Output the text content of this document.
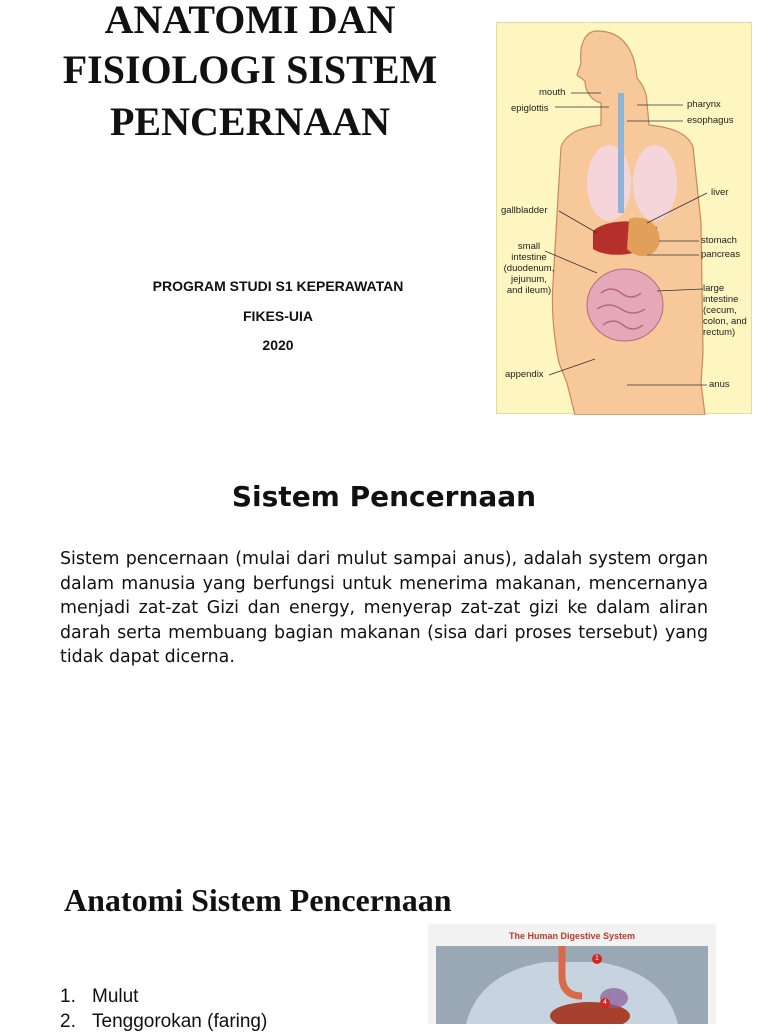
ANATOMI DAN
FISIOLOGI SISTEM
PENCERNAAN
PROGRAM STUDI S1 KEPERAWATAN
FIKES-UIA
2020
mouth
epiglottis
gallbladder
small
intestine
(duodenum,
jejunum,
and ileum)
appendix
pharynx
esophagus
liver
stomach
pancreas
large
intestine
(cecum,
colon, and
rectum)
anus
Sistem Pencernaan
Sistem pencernaan (mulai dari mulut sampai anus), adalah system organ dalam manusia yang berfungsi untuk menerima makanan, mencernanya menjadi zat-zat Gizi dan energy, menyerap zat-zat gizi ke dalam aliran darah serta membuang bagian makanan (sisa dari proses tersebut) yang tidak dapat dicerna.
Anatomi Sistem Pencernaan
1. Mulut
2. Tenggorokan (faring)
The Human Digestive System
1
4
